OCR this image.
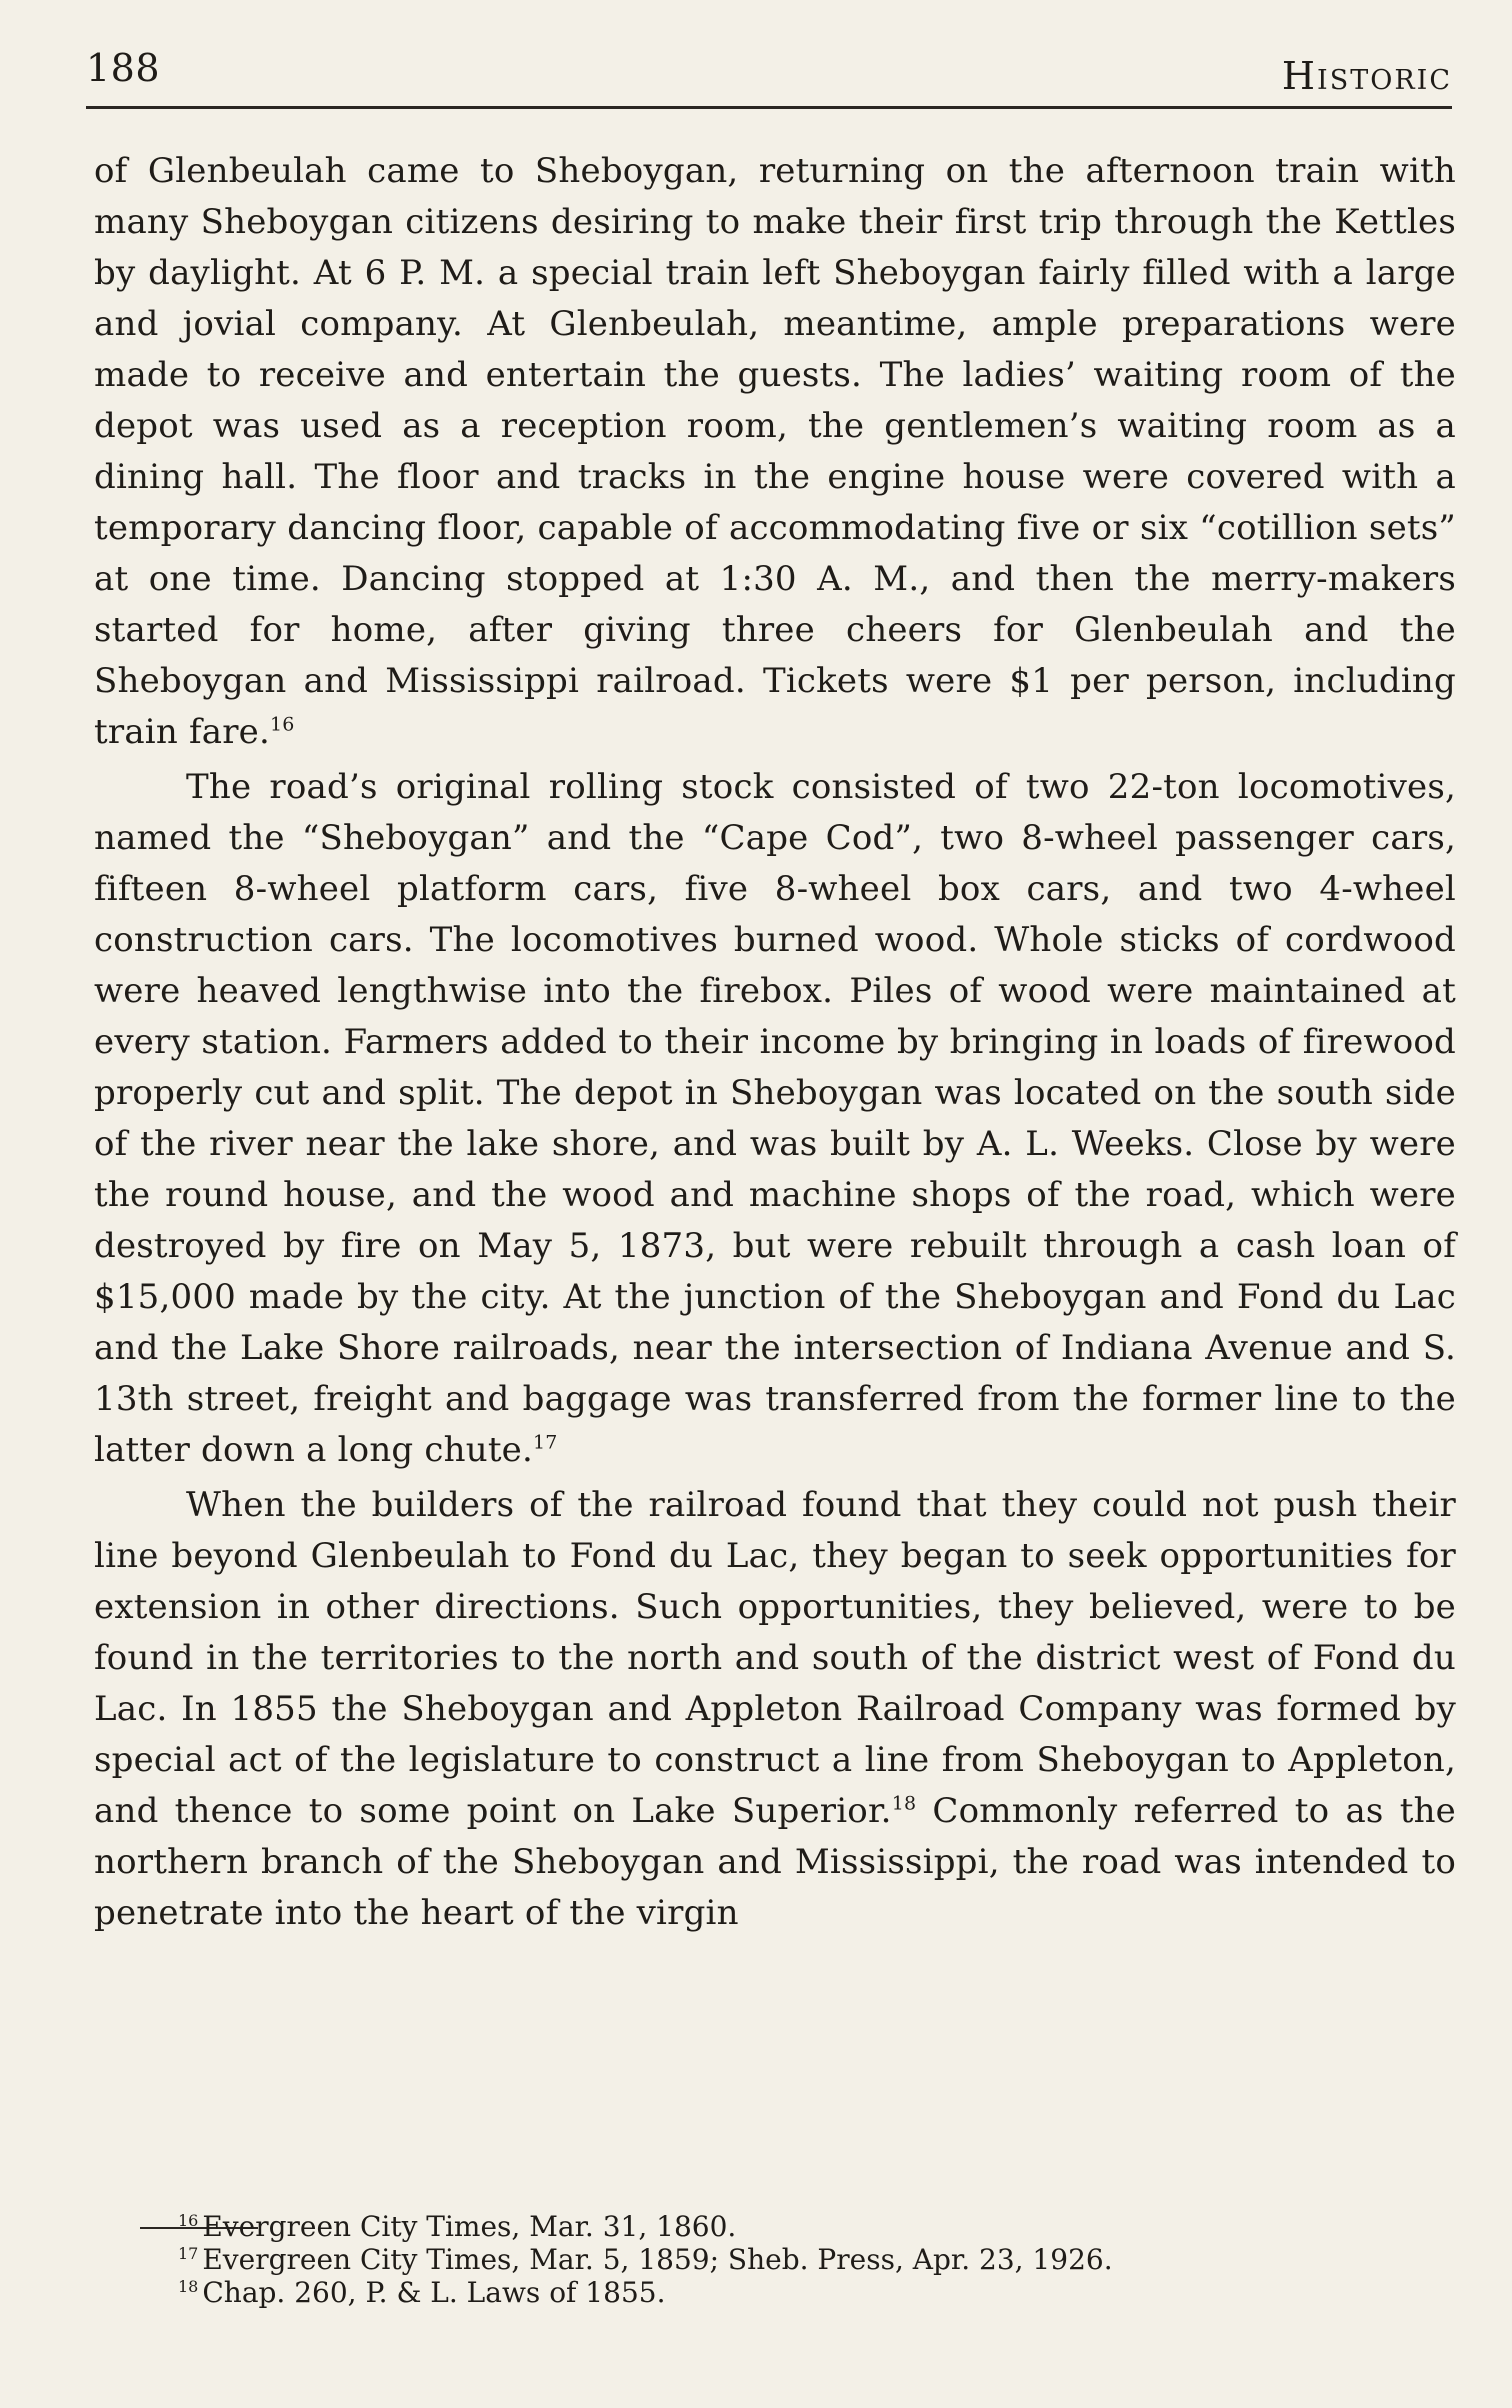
188	Historic

of Glenbeulah came to Sheboygan, returning on the afternoon train with many Sheboygan citizens desiring to make their first trip through the Kettles by daylight. At 6 P. M. a special train left Sheboygan fairly filled with a large and jovial company. At Glenbeulah, meantime, ample preparations were made to receive and entertain the guests. The ladies’ waiting room of the depot was used as a reception room, the gentlemen’s waiting room as a dining hall. The floor and tracks in the engine house were covered with a temporary dancing floor, capable of accommodating five or six “cotillion sets” at one time. Dancing stopped at 1:30 A. M., and then the merry-makers started for home, after giving three cheers for Glenbeulah and the Sheboygan and Mississippi railroad. Tickets were $1 per person, including train fare.$^{16}$

The road’s original rolling stock consisted of two 22-ton locomotives, named the “Sheboygan” and the “Cape Cod”, two 8-wheel passenger cars, fifteen 8-wheel platform cars, five 8-wheel box cars, and two 4-wheel construction cars. The locomotives burned wood. Whole sticks of cordwood were heaved lengthwise into the firebox. Piles of wood were maintained at every station. Farmers added to their income by bringing in loads of firewood properly cut and split. The depot in Sheboygan was located on the south side of the river near the lake shore, and was built by A. L. Weeks. Close by were the round house, and the wood and machine shops of the road, which were destroyed by fire on May 5, 1873, but were rebuilt through a cash loan of $15,000 made by the city. At the junction of the Sheboygan and Fond du Lac and the Lake Shore railroads, near the intersection of Indiana Avenue and S. 13th street, freight and baggage was transferred from the former line to the latter down a long chute.$^{17}$

When the builders of the railroad found that they could not push their line beyond Glenbeulah to Fond du Lac, they began to seek opportunities for extension in other directions. Such opportunities, they believed, were to be found in the territories to the north and south of the district west of Fond du Lac. In 1855 the Sheboygan and Appleton Railroad Company was formed by special act of the legislature to construct a line from Sheboygan to Appleton, and thence to some point on Lake Superior.$^{18}$ Commonly referred to as the northern branch of the Sheboygan and Mississippi, the road was intended to penetrate into the heart of the virgin

$^{16}$ Evergreen City Times, Mar. 31, 1860.

$^{17}$ Evergreen City Times, Mar. 5, 1859; Sheb. Press, Apr. 23, 1926.

$^{18}$ Chap. 260, P. & L. Laws of 1855.
